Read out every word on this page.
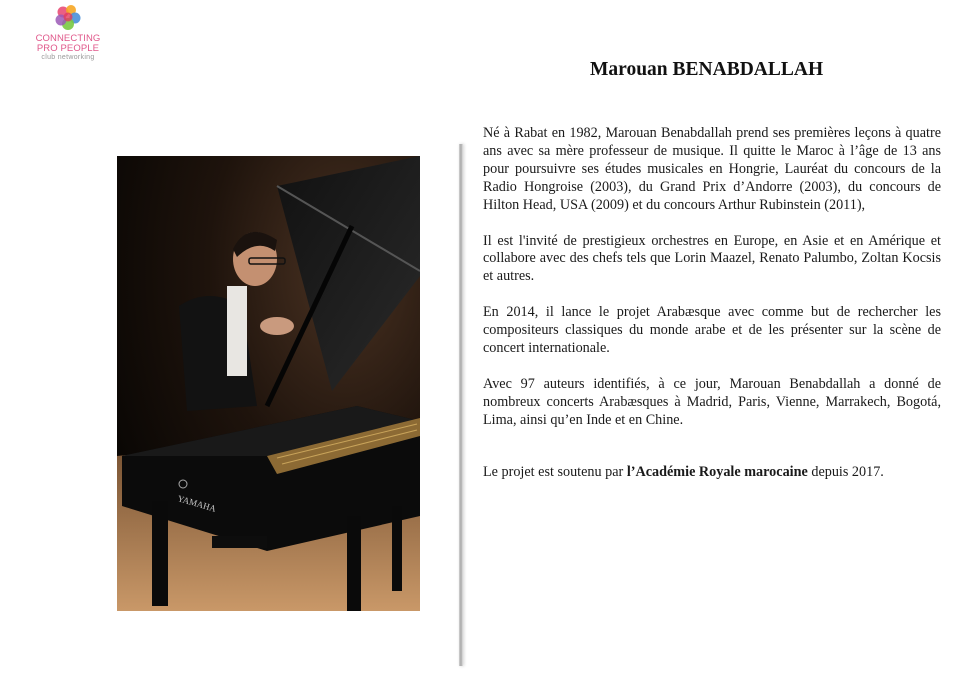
CONNECTING
PRO PEOPLE
club networking
Marouan BENABDALLAH
YAMAHA

Né à Rabat en 1982, Marouan Benabdallah prend ses premières leçons à quatre ans avec sa mère professeur de musique. Il quitte le Maroc à l’âge de 13 ans pour poursuivre ses études musicales en Hongrie, Lauréat du concours de la Radio Hongroise (2003), du Grand Prix d’Andorre (2003), du concours de Hilton Head, USA (2009) et du concours Arthur Rubinstein (2011),

Il est l'invité de prestigieux orchestres en Europe, en Asie et en Amérique et collabore avec des chefs tels que Lorin Maazel, Renato Palumbo, Zoltan Kocsis et autres.

En 2014, il lance le projet Arabæsque avec comme but de rechercher les compositeurs classiques du monde arabe et de les présenter sur la scène de concert internationale.

Avec 97 auteurs identifiés, à ce jour, Marouan Benabdallah a donné de nombreux concerts Arabæsques à Madrid, Paris, Vienne, Marrakech, Bogotá, Lima, ainsi qu’en Inde et en Chine.

Le projet est soutenu par l’Académie Royale marocaine depuis 2017.
